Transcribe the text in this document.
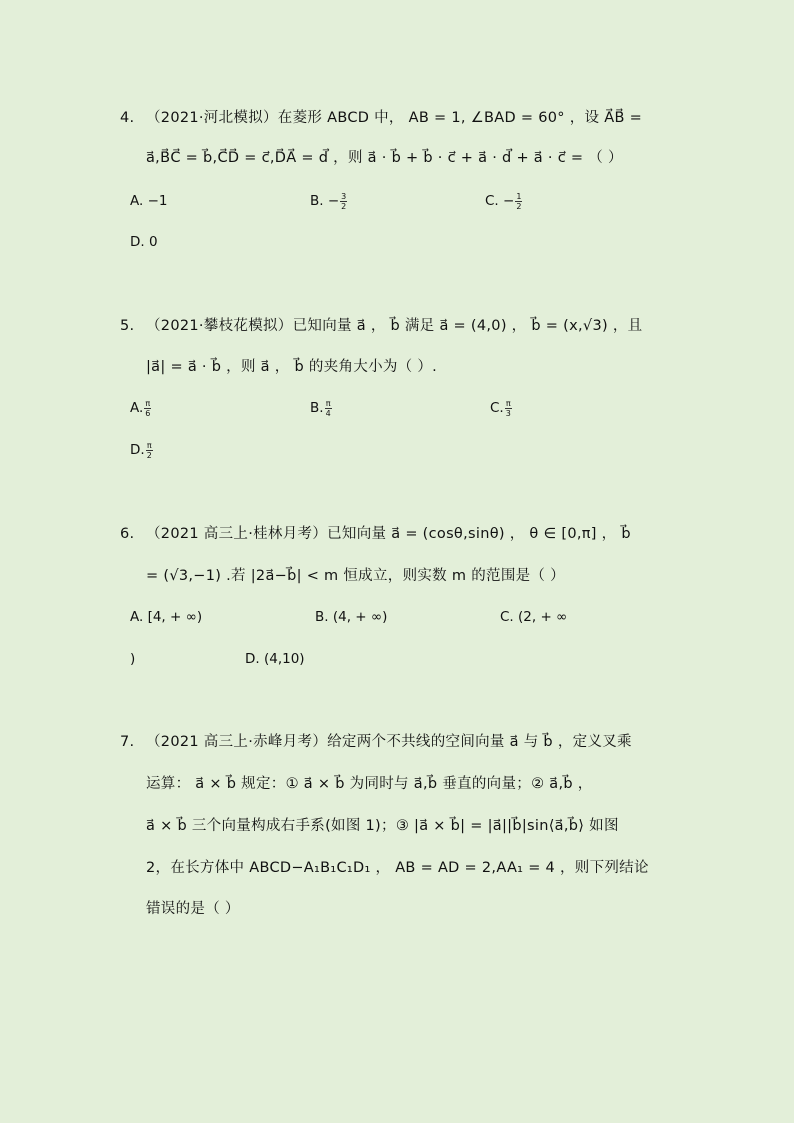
4. （2021·河北模拟）在菱形 ABCD 中， AB = 1, ∠BAD = 60° ，设 A⃗B⃗ =
a⃗,B⃗C⃗ = b⃗,C⃗D⃗ = c⃗,D⃗A⃗ = d⃗ ，则 a⃗ · b⃗ + b⃗ · c⃗ + a⃗ · d⃗ + a⃗ · c⃗ = （ ）
A. −1	B. − $\frac{3}{2}$	C. − $\frac{1}{2}$
D. 0
5. （2021·攀枝花模拟）已知向量 a⃗ ， b⃗ 满足 a⃗ = (4,0) ， b⃗ = (x,√3) ，且
|a⃗| = a⃗ · b⃗ ，则 a⃗ ， b⃗ 的夹角大小为（ ）.
A. $\frac{\pi}{6}$	B. $\frac{\pi}{4}$	C. $\frac{\pi}{3}$
D. $\frac{\pi}{2}$
6. （2021 高三上·桂林月考）已知向量 a⃗ = (cosθ,sinθ) ， θ ∈ [0,π] ， b⃗
= (√3,−1) .若 |2a⃗−b⃗| < m 恒成立，则实数 m 的范围是（ ）
A. [4, + ∞)	B. (4, + ∞)	C. (2, + ∞
)	D. (4,10)
7. （2021 高三上·赤峰月考）给定两个不共线的空间向量 a⃗ 与 b⃗ ，定义叉乘
运算： a⃗ × b⃗ 规定：① a⃗ × b⃗ 为同时与 a⃗,b⃗ 垂直的向量；② a⃗,b⃗ ，
a⃗ × b⃗ 三个向量构成右手系(如图 1)；③ |a⃗ × b⃗| = |a⃗||b⃗|sin⟨a⃗,b⃗⟩ 如图
2，在长方体中 ABCD−A₁B₁C₁D₁ ， AB = AD = 2,AA₁ = 4 ，则下列结论
错误的是（ ）
